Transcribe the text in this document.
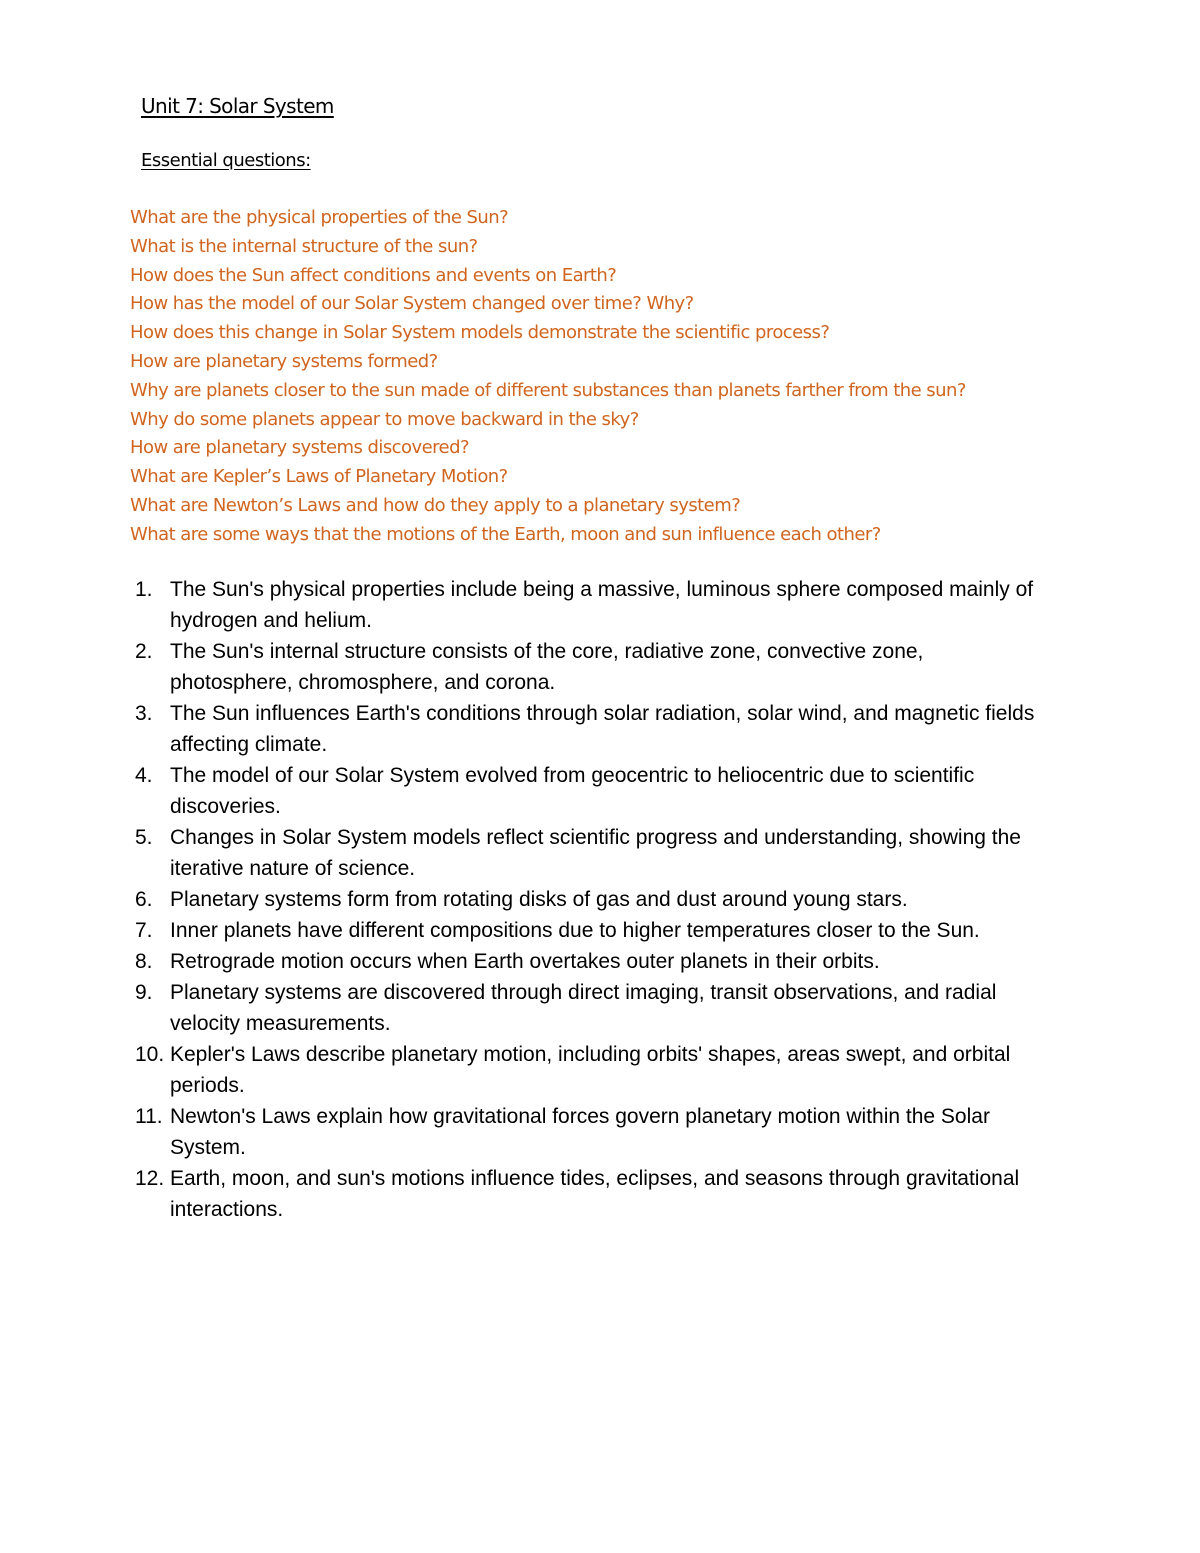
Unit 7: Solar System
Essential questions:
What are the physical properties of the Sun?
What is the internal structure of the sun?
How does the Sun affect conditions and events on Earth?
How has the model of our Solar System changed over time? Why?
How does this change in Solar System models demonstrate the scientific process?
How are planetary systems formed?
Why are planets closer to the sun made of different substances than planets farther from the sun?
Why do some planets appear to move backward in the sky?
How are planetary systems discovered?
What are Kepler’s Laws of Planetary Motion?
What are Newton’s Laws and how do they apply to a planetary system?
What are some ways that the motions of the Earth, moon and sun influence each other?
1. The Sun's physical properties include being a massive, luminous sphere composed mainly of hydrogen and helium.
2. The Sun's internal structure consists of the core, radiative zone, convective zone, photosphere, chromosphere, and corona.
3. The Sun influences Earth's conditions through solar radiation, solar wind, and magnetic fields affecting climate.
4. The model of our Solar System evolved from geocentric to heliocentric due to scientific discoveries.
5. Changes in Solar System models reflect scientific progress and understanding, showing the iterative nature of science.
6. Planetary systems form from rotating disks of gas and dust around young stars.
7. Inner planets have different compositions due to higher temperatures closer to the Sun.
8. Retrograde motion occurs when Earth overtakes outer planets in their orbits.
9. Planetary systems are discovered through direct imaging, transit observations, and radial velocity measurements.
10. Kepler's Laws describe planetary motion, including orbits' shapes, areas swept, and orbital periods.
11. Newton's Laws explain how gravitational forces govern planetary motion within the Solar System.
12. Earth, moon, and sun's motions influence tides, eclipses, and seasons through gravitational interactions.
